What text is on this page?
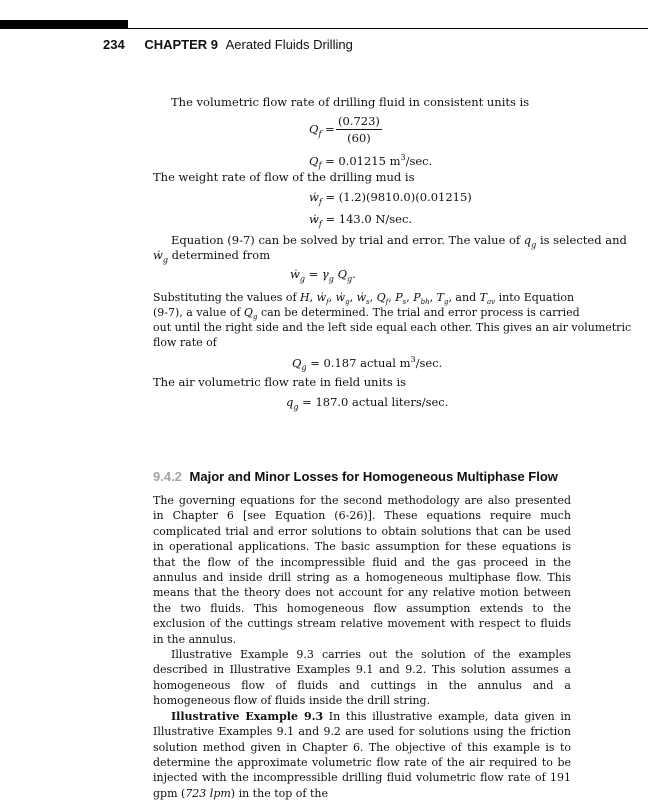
234 CHAPTER 9 Aerated Fluids Drilling
The volumetric flow rate of drilling fluid in consistent units is
$Q_f$ =
(0.723)
(60)
$Q_f = 0.01215$ $m^3/\sec$.
The weight rate of flow of the drilling mud is
ẇ$_f$ = (1.2)(9810.0)(0.01215)
ẇ$_f$ = 143.0 N/sec.
Equation (9-7) can be solved by trial and error. The value of $q_g$ is selected and
ẇ$_g$ determined from
ẇ$_g$ = $\gamma_g$ $Q_g$.
Substituting the values of H, ẇ$_f$, ẇ$_g$, ẇ$_s$, $Q_f$, $P_s$, $P_{bh}$, $T_g$, and $T_{av}$ into Equation
(9-7), a value of $Q_g$ can be determined. The trial and error process is carried
out until the right side and the left side equal each other. This gives an air volumetric
flow rate of
$Q_g = 0.187$ actual $m^3/\sec$.
The air volumetric flow rate in field units is
$q_g = 187.0$ actual liters/sec.
9.4.2 Major and Minor Losses for Homogeneous Multiphase Flow

The governing equations for the second methodology are also presented in Chapter 6 [see Equation (6-26)]. These equations require much complicated trial and error solutions to obtain solutions that can be used in operational applications. The basic assumption for these equations is that the flow of the incompressible fluid and the gas proceed in the annulus and inside drill string as a homogeneous multiphase flow. This means that the theory does not account for any relative motion between the two fluids. This homogeneous flow assumption extends to the exclusion of the cuttings stream relative movement with respect to fluids in the annulus.

Illustrative Example 9.3 carries out the solution of the examples described in Illustrative Examples 9.1 and 9.2. This solution assumes a homogeneous flow of fluids and cuttings in the annulus and a homogeneous flow of fluids inside the drill string.

Illustrative Example 9.3 In this illustrative example, data given in Illustrative Examples 9.1 and 9.2 are used for solutions using the friction solution method given in Chapter 6. The objective of this example is to determine the approximate volumetric flow rate of the air required to be injected with the incompressible drilling fluid volumetric flow rate of 191 gpm (723 lpm) in the top of the
